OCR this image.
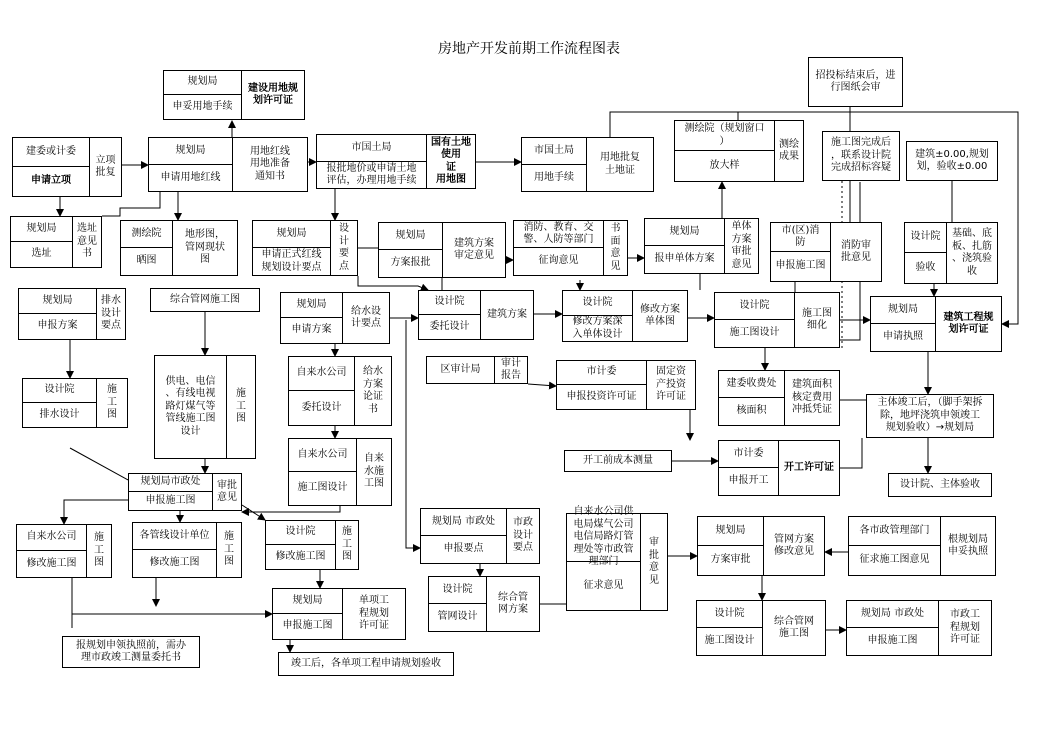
房地产开发前期工作流程图表
规划局
申妥用地手续
建设用地规
划许可证
建委或计委
申请立项
立项
批复
规划局
申请用地红线
用地红线
用地准备
通知书
市国土局
报批地价或申请土地
评估，办理用地手续
国有土地使用
证
用地图
市国土局
用地手续
用地批复
土地证
测绘院（规划窗口
）
放大样
测绘
成果
招投标结束后，进
行图纸会审
施工图完成后
，联系设计院
完成招标容疑
建筑±0.00,规划
划，验收±0.00
规划局
选址
选址
意见
书
测绘院
晒图
地形图，
管网现状
图
规划局
申请正式红线
规划设计要点
设
计
要
点
规划局
方案报批
建筑方案
审定意见
消防、教育、交
警、人防等部门
征询意见
书
面
意
见
规划局
报申单体方案
单体
方案
审批
意见
市(区)消
防
申报施工图
消防审
批意见
设计院
验收
基础、底
板、扎筋
、浇筑验
收
规划局
申报方案
排水
设计
要点
综合管网施工图	规划局
申请方案
给水设
计要点
设计院
委托设计
建筑方案
设计院
修改方案深
入单体设计
修改方案
单体图
设计院
施工图设计
施工图
细化
规划局
申请执照
建筑工程规
划许可证
供电、电信
、有线电视
路灯煤气等
管线施工图
设计
施
工
图
设计院
排水设计
施
工
图
自来水公司
委托设计
给水
方案
论证
书
区审计局
审计
报告	市计委
申报投资许可证
固定资
产投资
许可证
建委收费处
核面积
建筑面积
核定费用
冲抵凭证
主体竣工后，（脚手架拆
除，地坪浇筑申领竣工
规划验收）→规划局
自来水公司
施工图设计
自来
水施
工图
开工前成本测量
市计委
申报开工
开工许可证
设计院、主体验收
规划局市政处
申报施工图
审批
意见
自来水公司
修改施工图
施
工
图
各管线设计单位
修改施工图
施
工
图
设计院
修改施工图
施
工
图
规划局 市政处
申报要点
市政
设计
要点
自来水公司供
电局煤气公司
电信局路灯管
理处等市政管
理部门
征求意见
审
批
意
见
规划局
方案审批
管网方案
修改意见
各市政管理部门
征求施工图意见
根规划局
申妥执照
设计院
管网设计
综合管
网方案
规划局
申报施工图
单项工
程规划
许可证
设计院
施工图设计
综合管网
施工图
规划局 市政处
申报施工图
市政工
程规划
许可证
报规划申领执照前，需办
理市政竣工测量委托书
竣工后，各单项工程申请规划验收
